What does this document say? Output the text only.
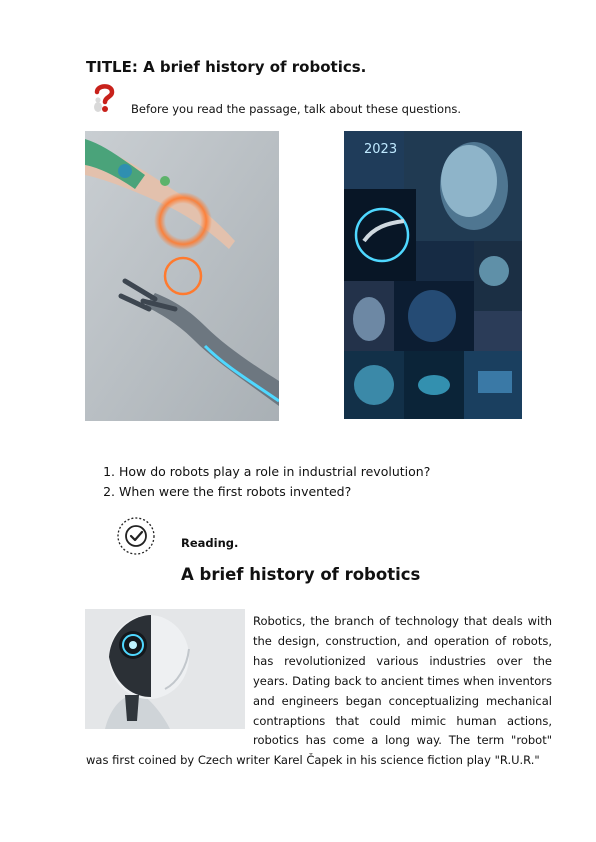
TITLE: A brief history of robotics.
Before you read the passage, talk about these questions.
2023
1. How do robots play a role in industrial revolution?
2. When were the first robots invented?
Reading.
A brief history of robotics
Robotics, the branch of technology that deals with the design, construction, and operation of robots, has revolutionized various industries over the years. Dating back to ancient times when inventors and engineers began conceptualizing mechanical contraptions that could mimic human actions, robotics has come a long way. The term "robot" was first coined by Czech writer Karel Čapek in his science fiction play "R.U.R."
